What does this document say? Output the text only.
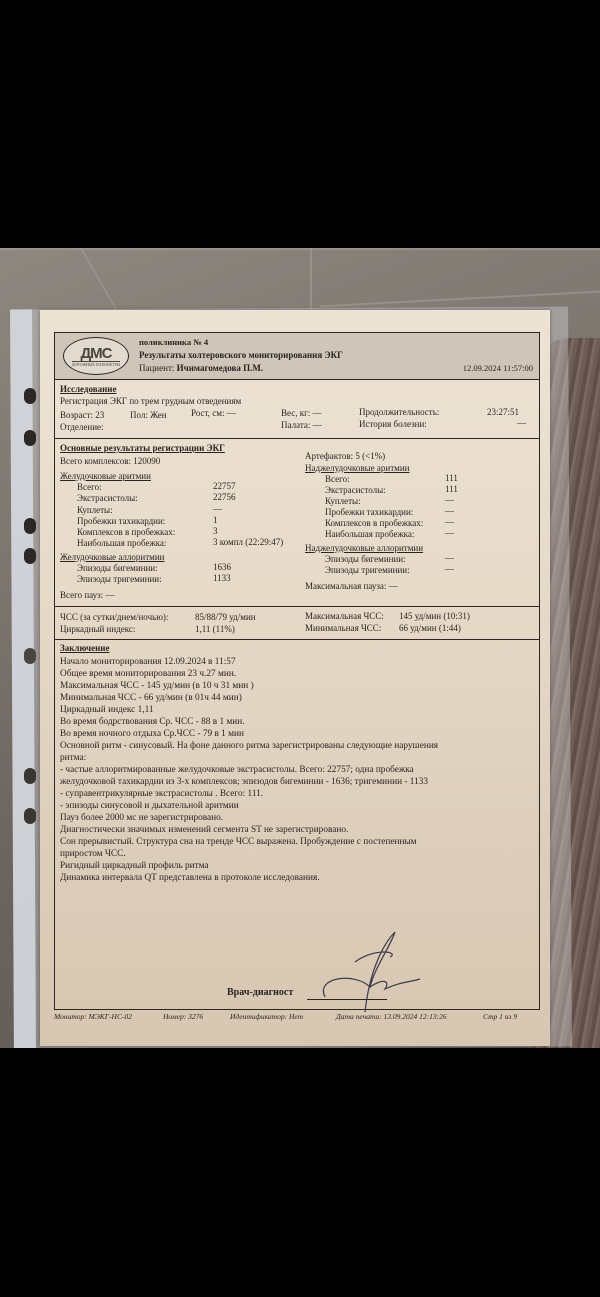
ДМС
ДОРОЖНЫЕ ПАРАМЕТРЫ
поликлиника № 4
Результаты холтеровского мониторирования ЭКГ
Пациент: Ичимагомедова П.М.	12.09.2024 11:57:00
Исследование
Регистрация ЭКГ по трем грудным отведениям
Возраст: 23	Пол: Жен	Рост, см: —	Вес, кг: —
Палата: —
Продолжительность:	23:27:51
История болезни:	—
Отделение:
Основные результаты регистрации ЭКГ
Всего комплексов: 120090	Артефактов: 5 (<1%)
Желудочковые аритмии
Всего:	22757
Экстрасистолы:	22756
Куплеты:	—
Пробежки тахикардии:	1
Комплексов в пробежках:	3
Наибольшая пробежка:	3 компл (22:29:47)
Желудочковые аллоритмии
Эпизоды бигеминии:	1636
Эпизоды тригеминии:	1133
Всего пауз: —
Наджелудочковые аритмии
Всего:	111
Экстрасистолы:	111
Куплеты:	—
Пробежки тахикардии:	—
Комплексов в пробежках: —
Наибольшая пробежка:	—
Наджелудочковые аллоритмии
Эпизоды бигеминии:	—
Эпизоды тригеминии:	—
Максимальная пауза: —
ЧСС (за сутки/днем/ночью):	85/88/79 уд/мин
Циркадный индекс:	1,11 (11%)
Максимальная ЧСС: 145 уд/мин (10:31)
Минимальная ЧСС: 66 уд/мин (1:44)
Заключение
Начало мониторирования 12.09.2024 в 11:57
Общее время мониторирования 23 ч.27 мин.
Максимальная ЧСС - 145 уд/мин (в 10 ч 31 мин )
Минимальная ЧСС - 66 уд/мин (в 01ч 44 мин)
Циркадный индекс 1,11
Во время бодрствования Ср. ЧСС - 88 в 1 мин.
Во время ночного отдыха Ср.ЧСС - 79 в 1 мин
Основной ритм - синусовый. На фоне данного ритма зарегистрированы следующие нарушения
ритма:
- частые аллоритмированные желудочковые экстрасистолы. Всего: 22757; одна пробежка
желудочковой тахикардии из 3-х комплексов; эпизодов бигеминии - 1636; тригеминии - 1133
- суправентрикулярные экстрасистолы . Всего: 111.
- эпизоды синусовой и дыхательной аритмии
Пауз более 2000 мс не зарегистрировано.
Диагностически значимых изменений сегмента ST не зарегистрировано.
Сон прерывистый. Структура сна на тренде ЧСС выражена. Пробуждение с постепенным
приростом ЧСС.
Ригидный циркадный профиль ритма
Динамика интервала QT представлена в протоколе исследования.
Врач-диагност
Монитор: МЭКГ-НС-02	Номер: 3276	Идентификатор: Нет	Дата печати: 13.09.2024 12:13:26	Стр 1 из 9
